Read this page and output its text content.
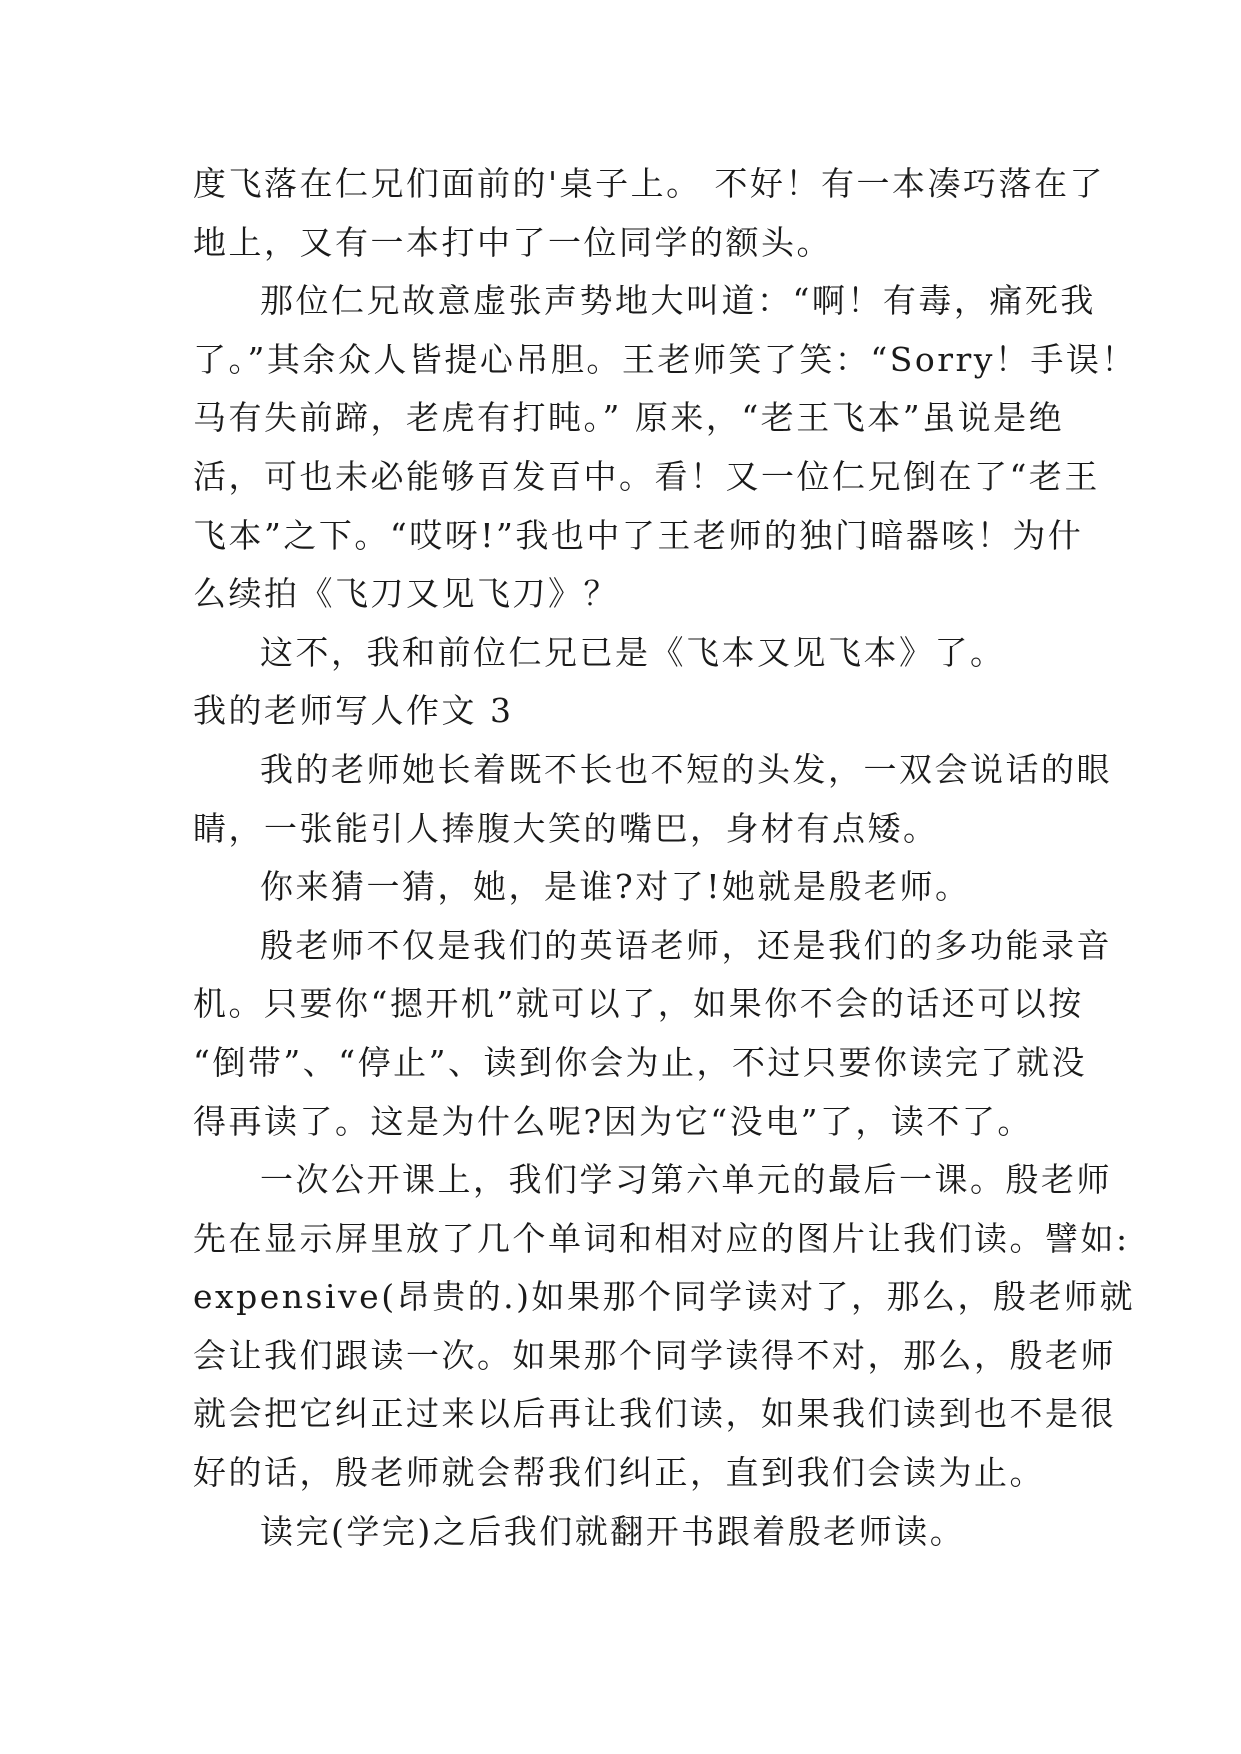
度飞落在仁兄们面前的'桌子上。 不好！有一本凑巧落在了
地上，又有一本打中了一位同学的额头。
那位仁兄故意虚张声势地大叫道：“啊！有毒，痛死我
了。”其余众人皆提心吊胆。王老师笑了笑：“Sorry！手误！
马有失前蹄，老虎有打盹。” 原来，“老王飞本”虽说是绝
活，可也未必能够百发百中。看！又一位仁兄倒在了“老王
飞本”之下。“哎呀!”我也中了王老师的独门暗器咳！为什
么续拍《飞刀又见飞刀》？
这不，我和前位仁兄已是《飞本又见飞本》了。
我的老师写人作文 3
我的老师她长着既不长也不短的头发，一双会说话的眼
睛，一张能引人捧腹大笑的嘴巴，身材有点矮。
你来猜一猜，她，是谁?对了!她就是殷老师。
殷老师不仅是我们的英语老师，还是我们的多功能录音
机。只要你“摁开机”就可以了，如果你不会的话还可以按
“倒带”、“停止”、读到你会为止，不过只要你读完了就没
得再读了。这是为什么呢?因为它“没电”了，读不了。
一次公开课上，我们学习第六单元的最后一课。殷老师
先在显示屏里放了几个单词和相对应的图片让我们读。譬如:
expensive(昂贵的.)如果那个同学读对了，那么，殷老师就
会让我们跟读一次。如果那个同学读得不对，那么，殷老师
就会把它纠正过来以后再让我们读，如果我们读到也不是很
好的话，殷老师就会帮我们纠正，直到我们会读为止。
读完(学完)之后我们就翻开书跟着殷老师读。
